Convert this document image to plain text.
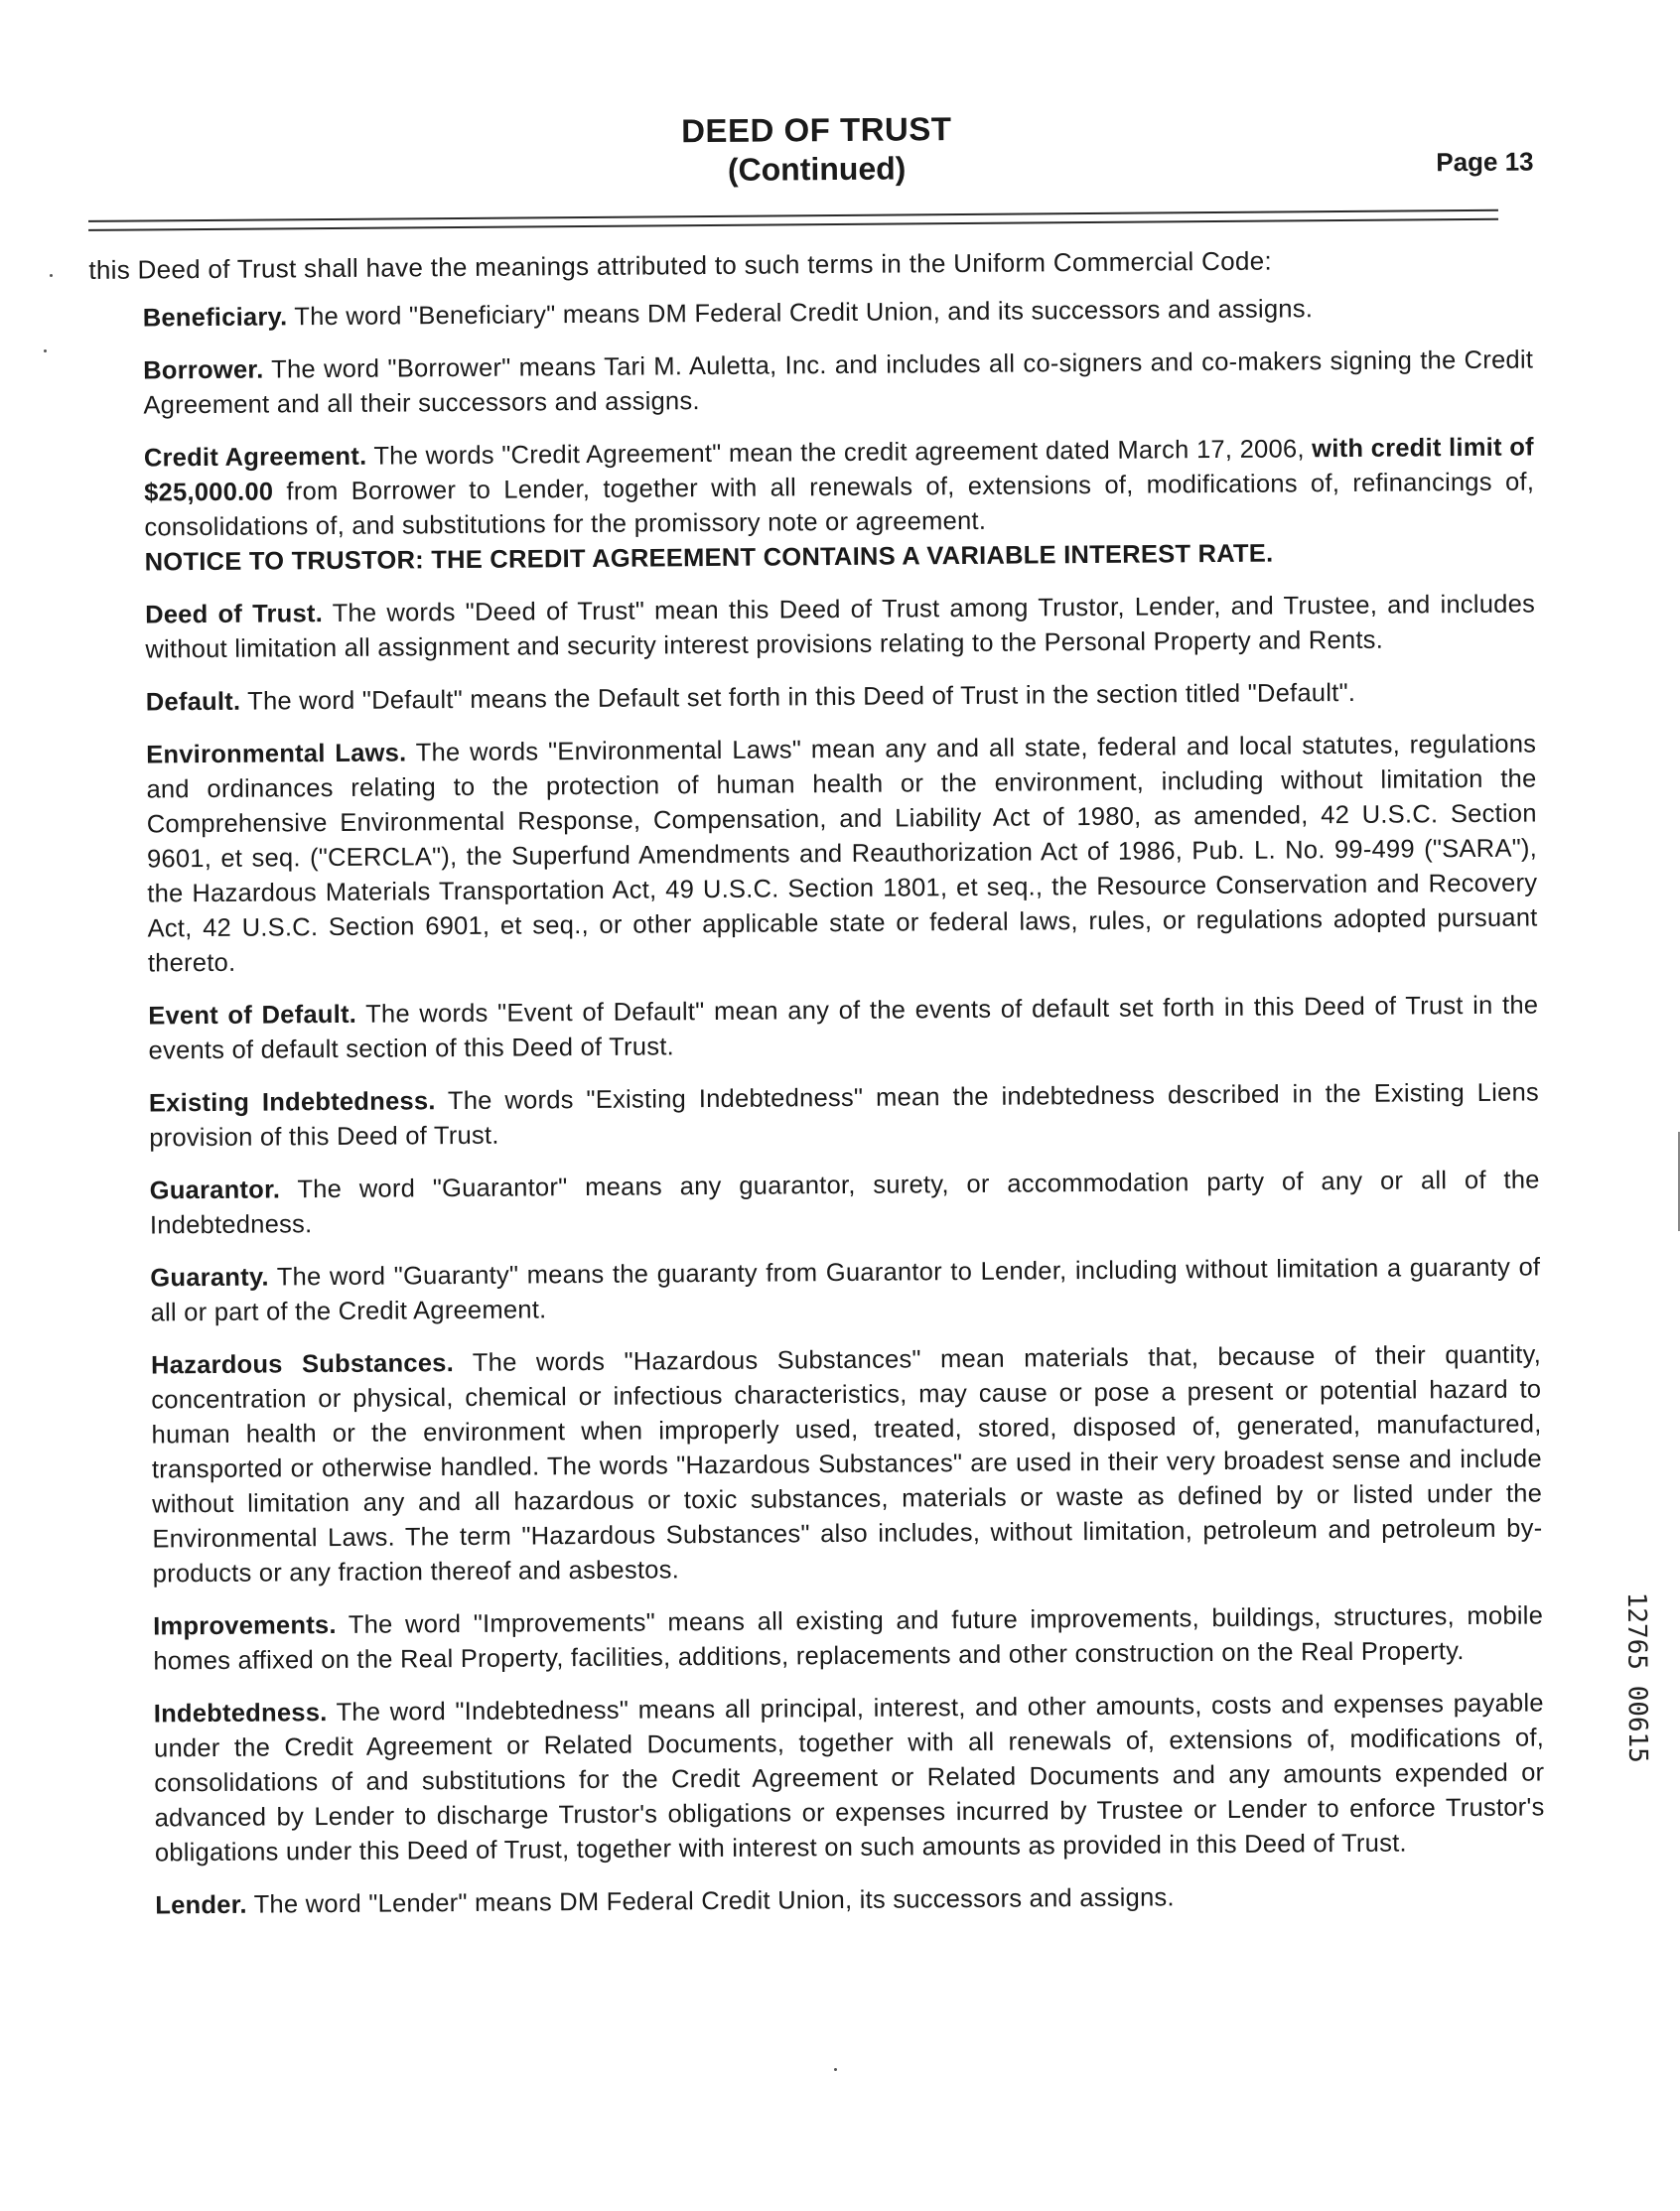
DEED OF TRUST
(Continued)	Page 13

this Deed of Trust shall have the meanings attributed to such terms in the Uniform Commercial Code:

Beneficiary. The word "Beneficiary" means DM Federal Credit Union, and its successors and assigns.

Borrower. The word "Borrower" means Tari M. Auletta, Inc. and includes all co-signers and co-makers signing the Credit Agreement and all their successors and assigns.

Credit Agreement. The words "Credit Agreement" mean the credit agreement dated March 17, 2006, with credit limit of $25,000.00 from Borrower to Lender, together with all renewals of, extensions of, modifications of, refinancings of, consolidations of, and substitutions for the promissory note or agreement.
NOTICE TO TRUSTOR: THE CREDIT AGREEMENT CONTAINS A VARIABLE INTEREST RATE.

Deed of Trust. The words "Deed of Trust" mean this Deed of Trust among Trustor, Lender, and Trustee, and includes without limitation all assignment and security interest provisions relating to the Personal Property and Rents.

Default. The word "Default" means the Default set forth in this Deed of Trust in the section titled "Default".

Environmental Laws. The words "Environmental Laws" mean any and all state, federal and local statutes, regulations and ordinances relating to the protection of human health or the environment, including without limitation the Comprehensive Environmental Response, Compensation, and Liability Act of 1980, as amended, 42 U.S.C. Section 9601, et seq. ("CERCLA"), the Superfund Amendments and Reauthorization Act of 1986, Pub. L. No. 99-499 ("SARA"), the Hazardous Materials Transportation Act, 49 U.S.C. Section 1801, et seq., the Resource Conservation and Recovery Act, 42 U.S.C. Section 6901, et seq., or other applicable state or federal laws, rules, or regulations adopted pursuant thereto.

Event of Default. The words "Event of Default" mean any of the events of default set forth in this Deed of Trust in the events of default section of this Deed of Trust.

Existing Indebtedness. The words "Existing Indebtedness" mean the indebtedness described in the Existing Liens provision of this Deed of Trust.

Guarantor. The word "Guarantor" means any guarantor, surety, or accommodation party of any or all of the Indebtedness.

Guaranty. The word "Guaranty" means the guaranty from Guarantor to Lender, including without limitation a guaranty of all or part of the Credit Agreement.

Hazardous Substances. The words "Hazardous Substances" mean materials that, because of their quantity, concentration or physical, chemical or infectious characteristics, may cause or pose a present or potential hazard to human health or the environment when improperly used, treated, stored, disposed of, generated, manufactured, transported or otherwise handled. The words "Hazardous Substances" are used in their very broadest sense and include without limitation any and all hazardous or toxic substances, materials or waste as defined by or listed under the Environmental Laws. The term "Hazardous Substances" also includes, without limitation, petroleum and petroleum by-products or any fraction thereof and asbestos.

Improvements. The word "Improvements" means all existing and future improvements, buildings, structures, mobile homes affixed on the Real Property, facilities, additions, replacements and other construction on the Real Property.

Indebtedness. The word "Indebtedness" means all principal, interest, and other amounts, costs and expenses payable under the Credit Agreement or Related Documents, together with all renewals of, extensions of, modifications of, consolidations of and substitutions for the Credit Agreement or Related Documents and any amounts expended or advanced by Lender to discharge Trustor's obligations or expenses incurred by Trustee or Lender to enforce Trustor's obligations under this Deed of Trust, together with interest on such amounts as provided in this Deed of Trust.

Lender. The word "Lender" means DM Federal Credit Union, its successors and assigns.

12765 00615
